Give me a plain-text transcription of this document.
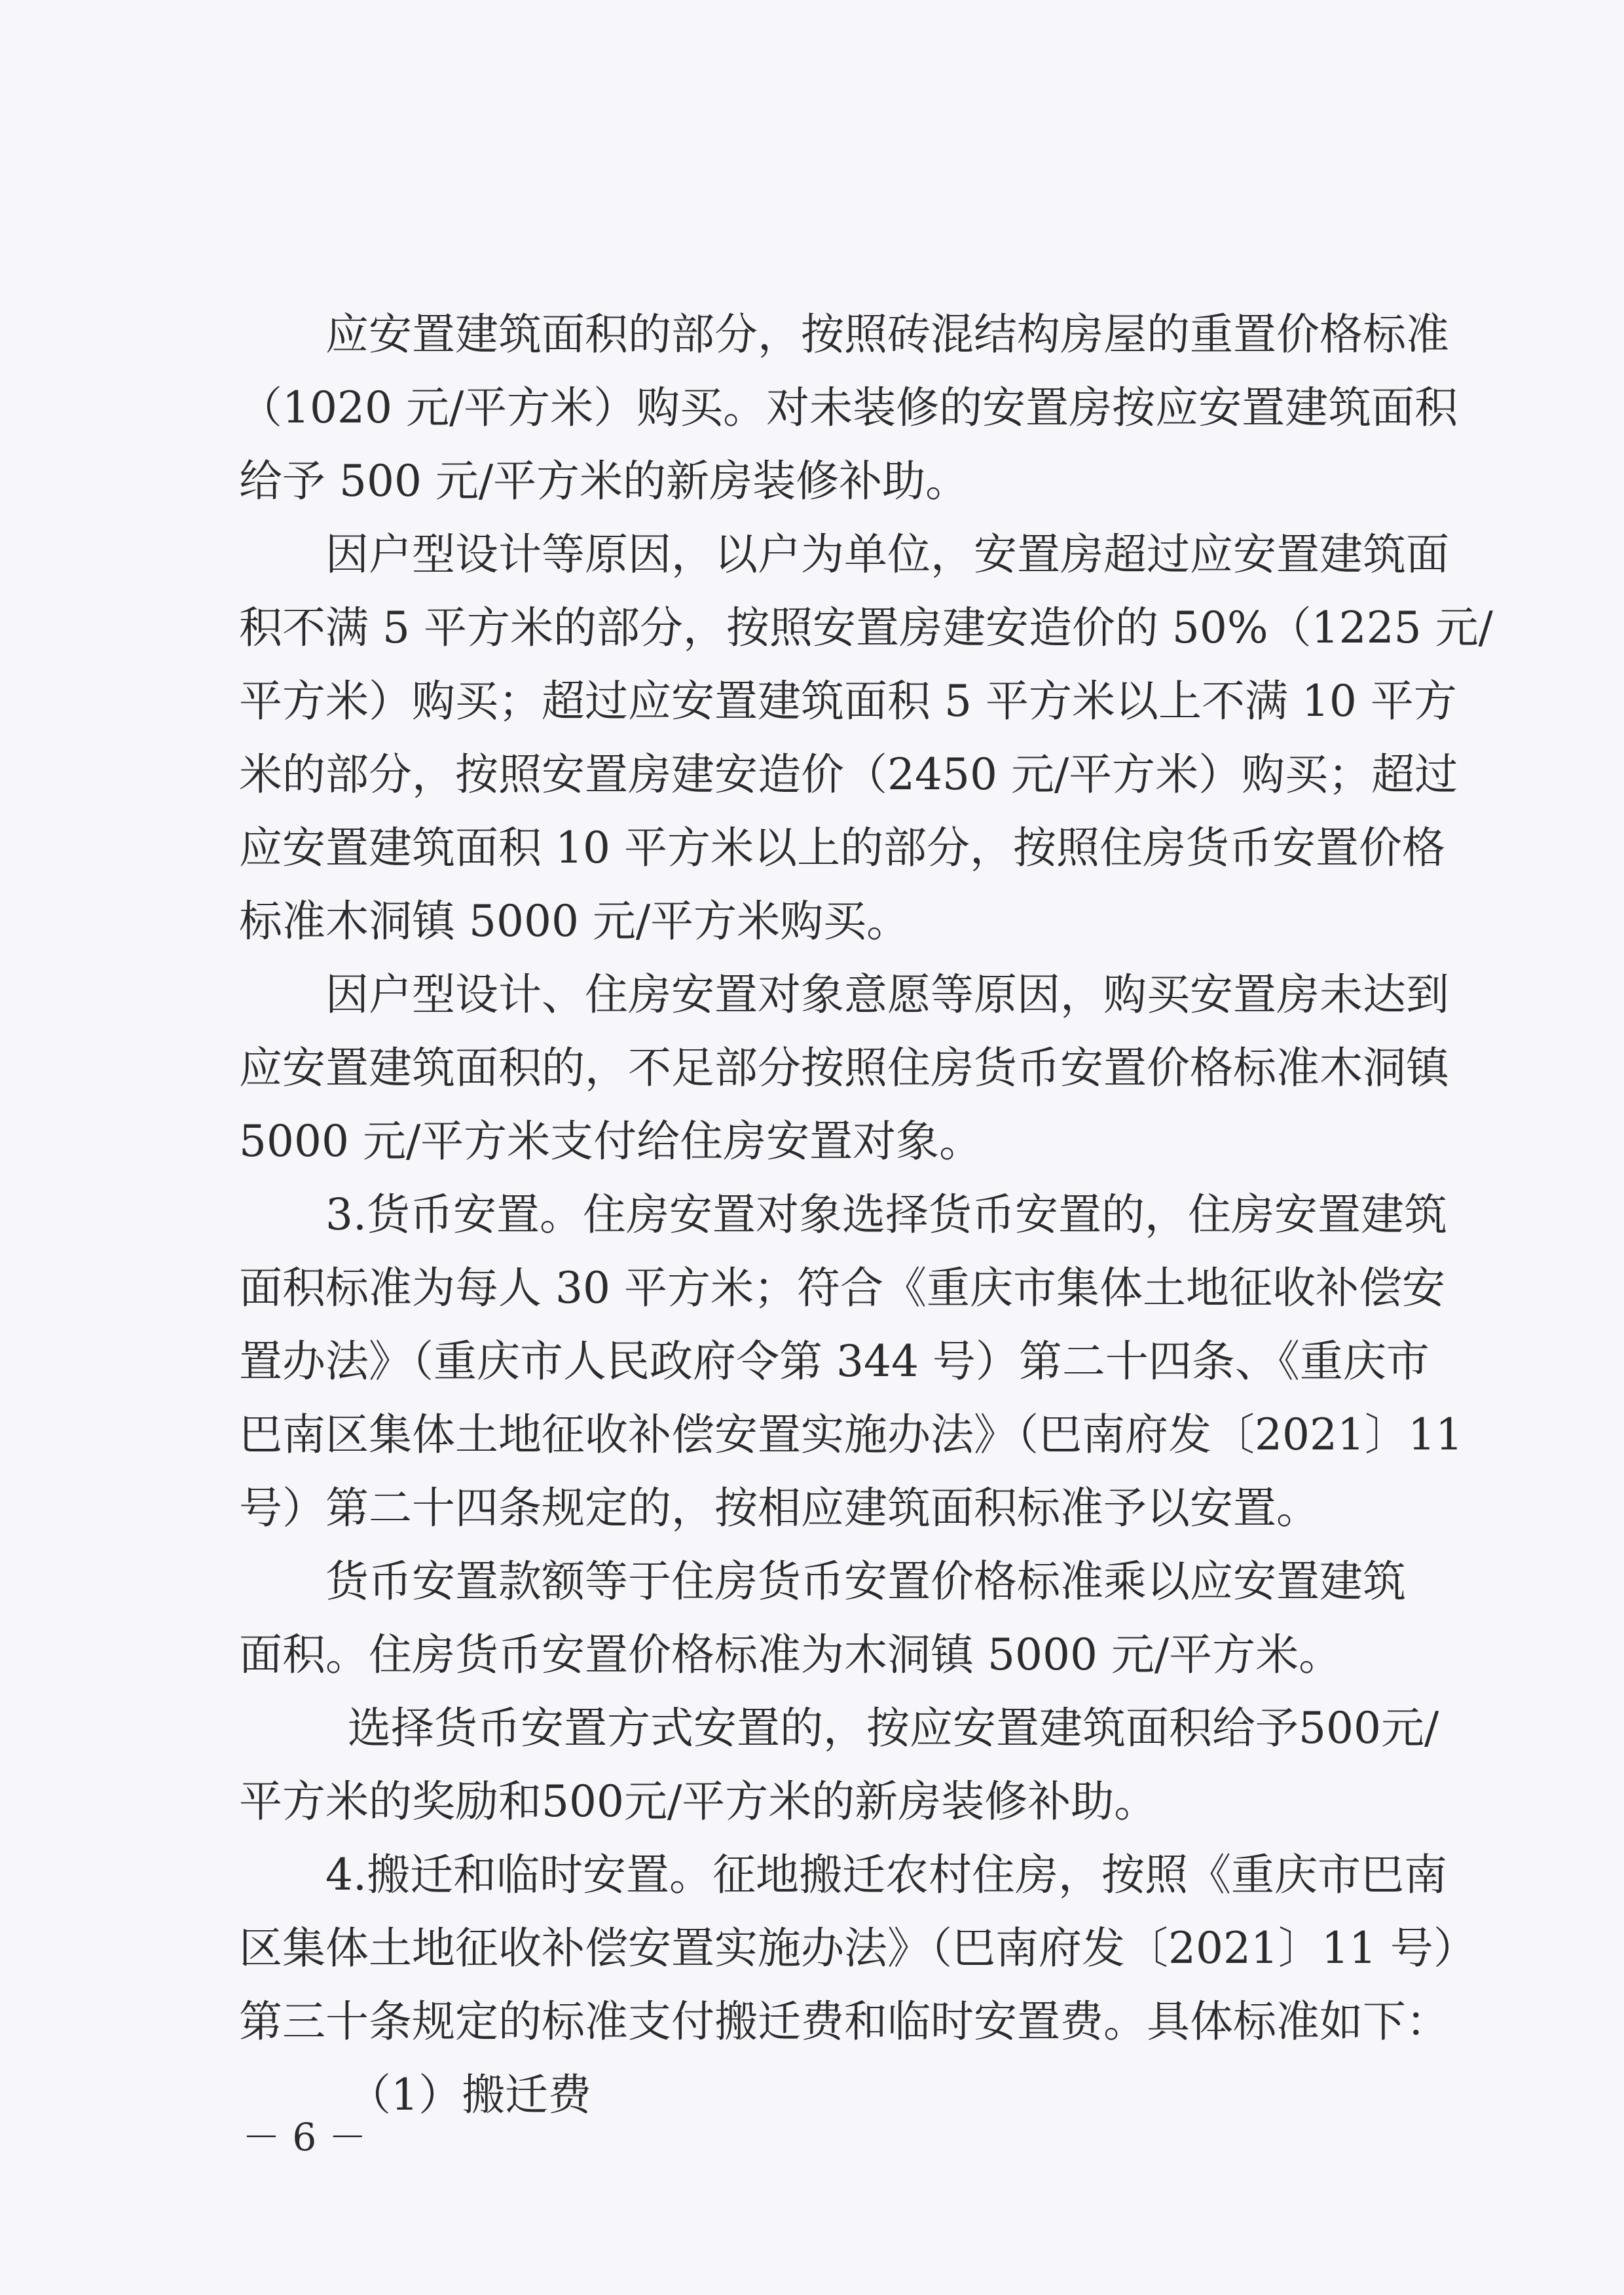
应安置建筑面积的部分，按照砖混结构房屋的重置价格标准
（1020 元/平方米）购买。对未装修的安置房按应安置建筑面积
给予 500 元/平方米的新房装修补助。
因户型设计等原因，以户为单位，安置房超过应安置建筑面
积不满 5 平方米的部分，按照安置房建安造价的 50%（1225 元/
平方米）购买；超过应安置建筑面积 5 平方米以上不满 10 平方
米的部分，按照安置房建安造价（2450 元/平方米）购买；超过
应安置建筑面积 10 平方米以上的部分，按照住房货币安置价格
标准木洞镇 5000 元/平方米购买。
因户型设计、住房安置对象意愿等原因，购买安置房未达到
应安置建筑面积的，不足部分按照住房货币安置价格标准木洞镇
5000 元/平方米支付给住房安置对象。
3.货币安置。住房安置对象选择货币安置的，住房安置建筑
面积标准为每人 30 平方米；符合《重庆市集体土地征收补偿安
置办法》（重庆市人民政府令第 344 号）第二十四条、《重庆市
巴南区集体土地征收补偿安置实施办法》（巴南府发〔2021〕11
号）第二十四条规定的，按相应建筑面积标准予以安置。
货币安置款额等于住房货币安置价格标准乘以应安置建筑
面积。住房货币安置价格标准为木洞镇 5000 元/平方米。
选择货币安置方式安置的，按应安置建筑面积给予500元/
平方米的奖励和500元/平方米的新房装修补助。
4.搬迁和临时安置。征地搬迁农村住房，按照《重庆市巴南
区集体土地征收补偿安置实施办法》（巴南府发〔2021〕11 号）
第三十条规定的标准支付搬迁费和临时安置费。具体标准如下：
（1）搬迁费
－ 6 －
